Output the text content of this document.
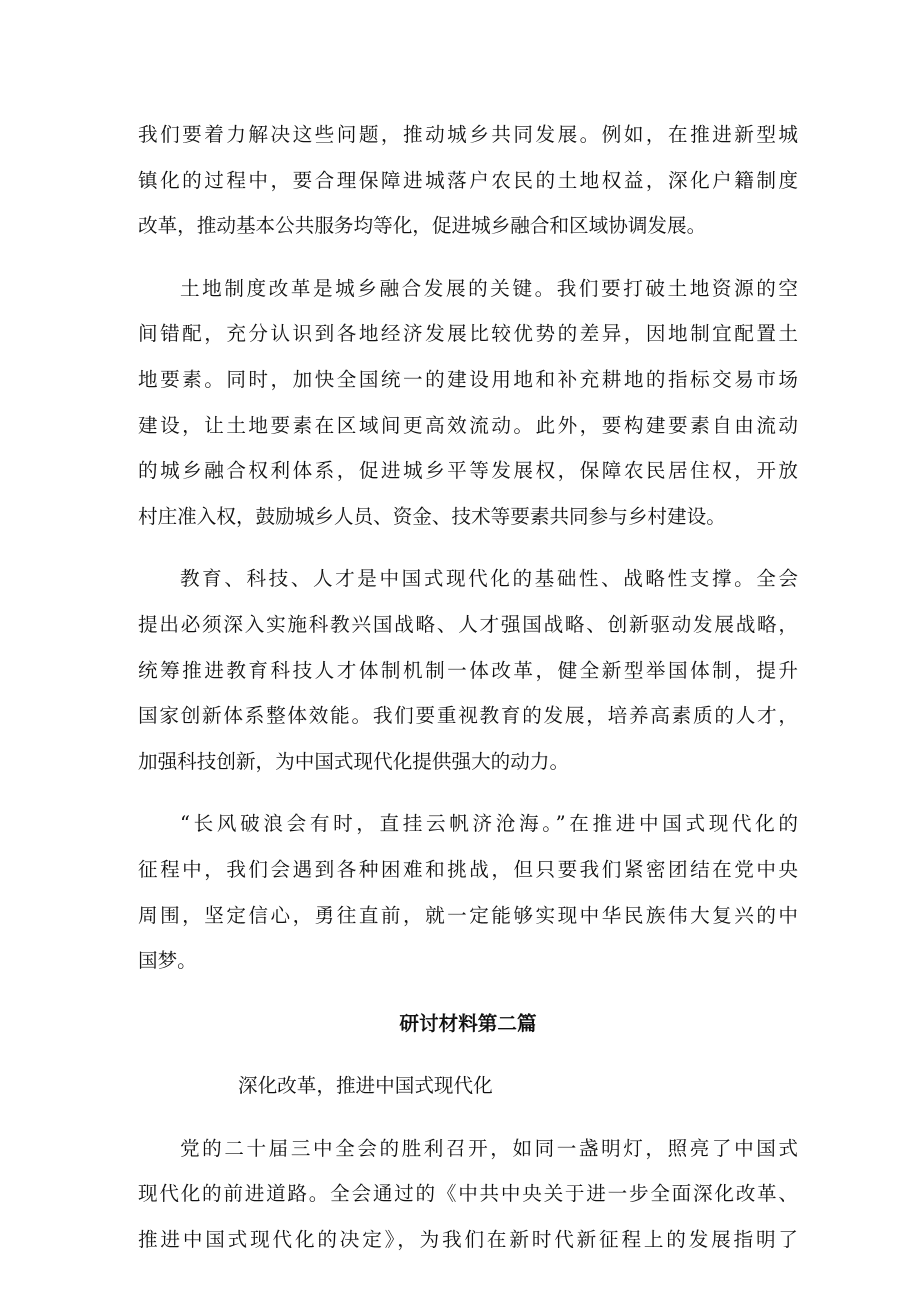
我们要着力解决这些问题，推动城乡共同发展。例如，在推进新型城
镇化的过程中，要合理保障进城落户农民的土地权益，深化户籍制度
改革，推动基本公共服务均等化，促进城乡融合和区域协调发展。
土地制度改革是城乡融合发展的关键。我们要打破土地资源的空
间错配，充分认识到各地经济发展比较优势的差异，因地制宜配置土
地要素。同时，加快全国统一的建设用地和补充耕地的指标交易市场
建设，让土地要素在区域间更高效流动。此外，要构建要素自由流动
的城乡融合权利体系，促进城乡平等发展权，保障农民居住权，开放
村庄准入权，鼓励城乡人员、资金、技术等要素共同参与乡村建设。
教育、科技、人才是中国式现代化的基础性、战略性支撑。全会
提出必须深入实施科教兴国战略、人才强国战略、创新驱动发展战略，
统筹推进教育科技人才体制机制一体改革，健全新型举国体制，提升
国家创新体系整体效能。我们要重视教育的发展，培养高素质的人才，
加强科技创新，为中国式现代化提供强大的动力。
“长风破浪会有时，直挂云帆济沧海。”在推进中国式现代化的
征程中，我们会遇到各种困难和挑战，但只要我们紧密团结在党中央
周围，坚定信心，勇往直前，就一定能够实现中华民族伟大复兴的中
国梦。
研讨材料第二篇
深化改革，推进中国式现代化
党的二十届三中全会的胜利召开，如同一盏明灯，照亮了中国式
现代化的前进道路。全会通过的《中共中央关于进一步全面深化改革、
推进中国式现代化的决定》，为我们在新时代新征程上的发展指明了
